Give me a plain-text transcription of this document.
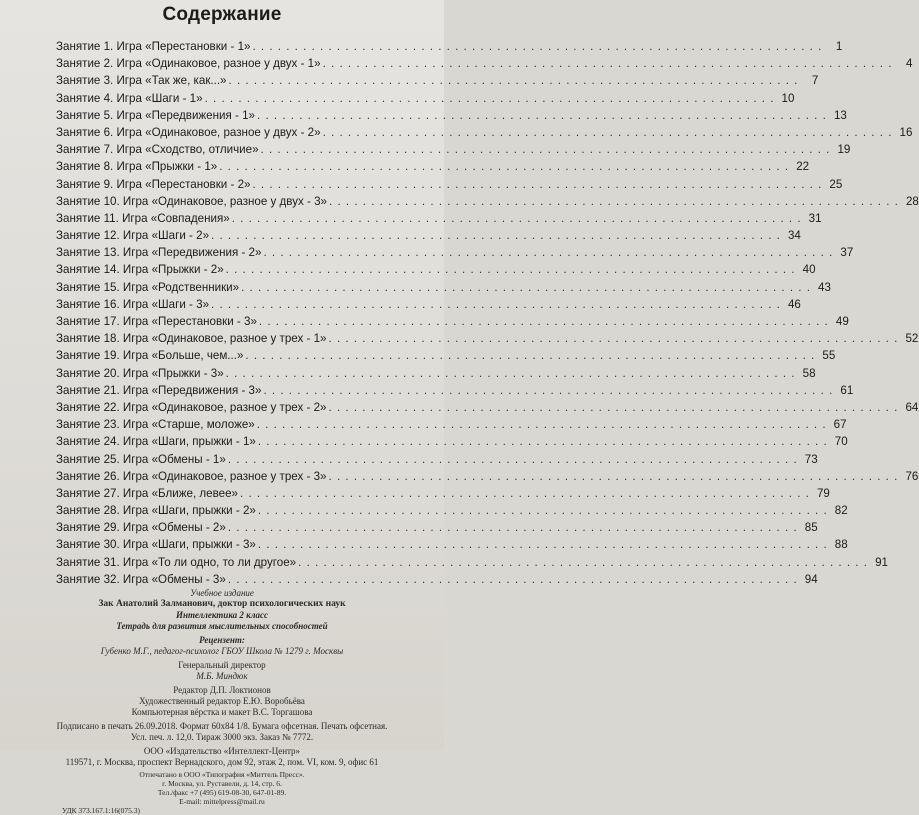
Содержание
Занятие 1. Игра «Перестановки - 1» . . .	1
Занятие 2. Игра «Одинаковое, разное у двух - 1» . . .	4
Занятие 3. Игра «Так же, как...» . . .	7
Занятие 4. Игра «Шаги - 1» . . .	10
Занятие 5. Игра «Передвижения - 1» . . .	13
Занятие 6. Игра «Одинаковое, разное у двух - 2» . . .	16
Занятие 7. Игра «Сходство, отличие» . . .	19
Занятие 8. Игра «Прыжки - 1» . . .	22
Занятие 9. Игра «Перестановки - 2» . . .	25
Занятие 10. Игра «Одинаковое, разное у двух - 3» . . .	28
Занятие 11. Игра «Совпадения» . . .	31
Занятие 12. Игра «Шаги - 2» . . .	34
Занятие 13. Игра «Передвижения - 2» . . .	37
Занятие 14. Игра «Прыжки - 2» . . .	40
Занятие 15. Игра «Родственники» . . .	43
Занятие 16. Игра «Шаги - 3» . . .	46
Занятие 17. Игра «Перестановки - 3» . . .	49
Занятие 18. Игра «Одинаковое, разное у трех - 1» . . .	52
Занятие 19. Игра «Больше, чем...» . . .	55
Занятие 20. Игра «Прыжки - 3» . . .	58
Занятие 21. Игра «Передвижения - 3» . . .	61
Занятие 22. Игра «Одинаковое, разное у трех - 2» . . .	64
Занятие 23. Игра «Старше, моложе» . . .	67
Занятие 24. Игра «Шаги, прыжки - 1» . . .	70
Занятие 25. Игра «Обмены - 1» . . .	73
Занятие 26. Игра «Одинаковое, разное у трех - 3» . . .	76
Занятие 27. Игра «Ближе, левее» . . .	79
Занятие 28. Игра «Шаги, прыжки - 2» . . .	82
Занятие 29. Игра «Обмены - 2» . . .	85
Занятие 30. Игра «Шаги, прыжки - 3» . . .	88
Занятие 31. Игра «То ли одно, то ли другое» . . .	91
Занятие 32. Игра «Обмены - 3» . . .	94
Учебное издание
Зак Анатолий Залманович, доктор психологических наук
Интеллектика 2 класс
Тетрадь для развития мыслительных способностей
Рецензент:
Губенко М.Г., педагог-психолог ГБОУ Школа № 1279 г. Москвы
Генеральный директор
М.Б. Миндюк
Редактор Д.П. Локтионов
Художественный редактор Е.Ю. Воробьёва
Компьютерная вёрстка и макет В.С. Торгашова
Подписано в печать 26.09.2018. Формат 60x84 1/8. Бумага офсетная. Печать офсетная.
Усл. печ. л. 12,0. Тираж 3000 экз. Заказ № 7772.
ООО «Издательство «Интеллект-Центр»
119571, г. Москва, проспект Вернадского, дом 92, этаж 2, пом. VI, ком. 9, офис 61
Отпечатано в ООО «Типография «Миттель Пресс».
г. Москва, ул. Руставели, д. 14, стр. 6.
Тел./факс +7 (495) 619-08-30, 647-01-89.
E-mail: mittelpress@mail.ru
УДК 373.167.1:16(075.3)
